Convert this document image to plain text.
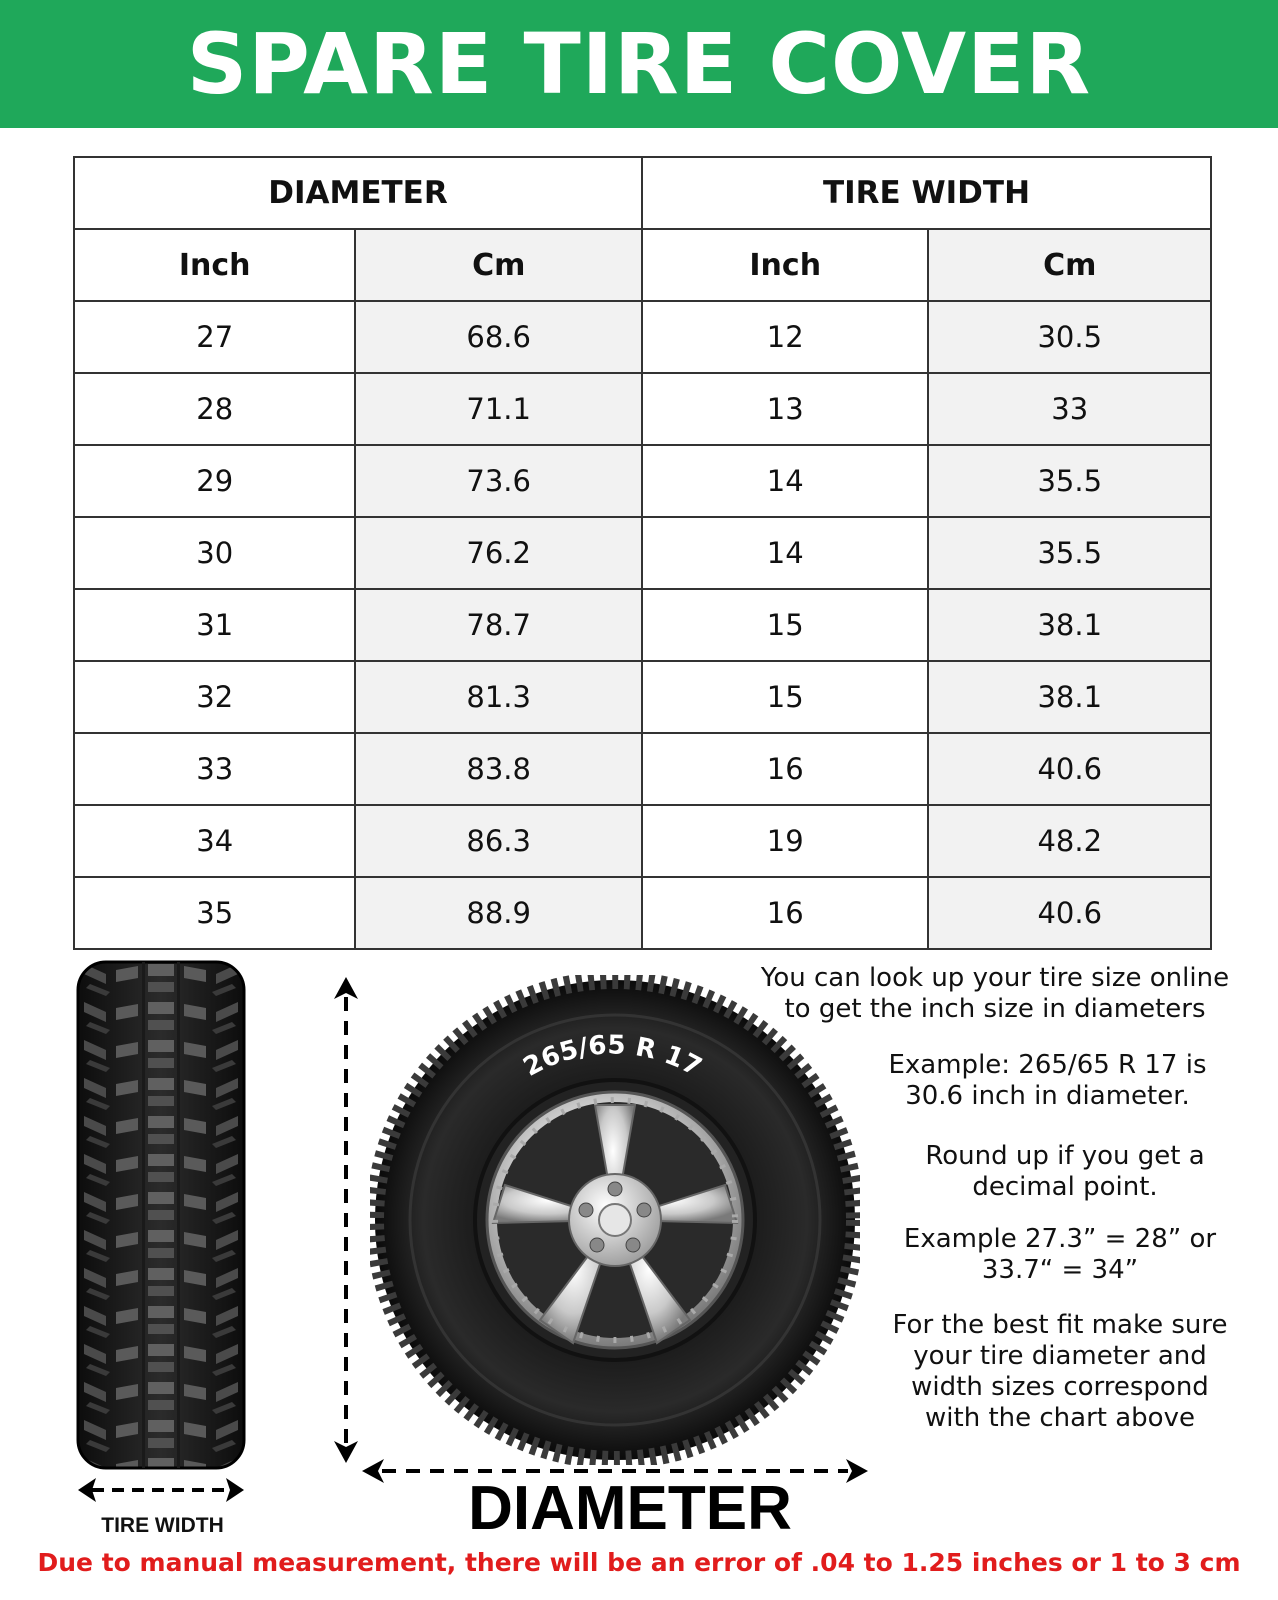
SPARE TIRE COVER
DIAMETER		TIRE WIDTH	
Inch	Cm	Inch	Cm
27	68.6	12	30.5
28	71.1	13	33
29	73.6	14	35.5
30	76.2	14	35.5
31	78.7	15	38.1
32	81.3	15	38.1
33	83.8	16	40.6
34	86.3	19	48.2
35	88.9	16	40.6
TIRE WIDTH
265/65 R 17
DIAMETER
You can look up your tire size online
to get the inch size in diameters
Example: 265/65 R 17 is
30.6 inch in diameter.
Round up if you get a
decimal point.
Example 27.3” = 28” or
33.7“ = 34”
For the best fit make sure
your tire diameter and
width sizes correspond
with the chart above
Due to manual measurement, there will be an error of .04 to 1.25 inches or 1 to 3 cm
